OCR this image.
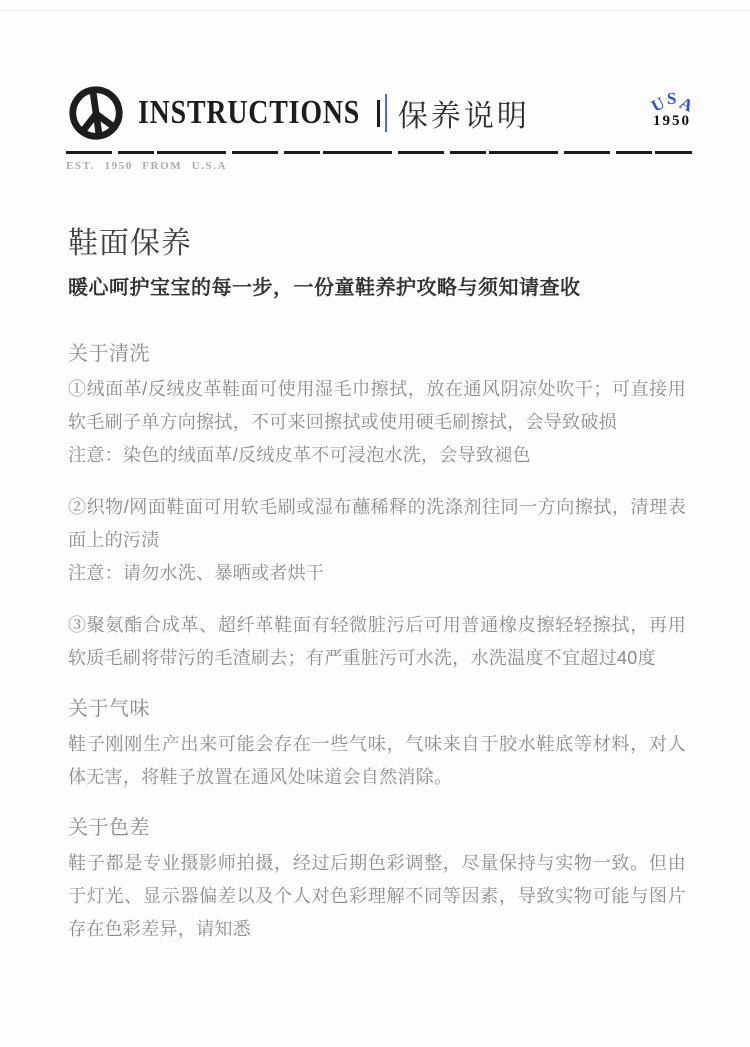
INSTRUCTIONS 保养说明	U S A
1950
EST. 1950 FROM U.S.A
鞋面保养
暖心呵护宝宝的每一步，一份童鞋养护攻略与须知请查收
关于清洗
①绒面革/反绒皮革鞋面可使用湿毛巾擦拭，放在通风阴凉处吹干；可直接用软毛刷子单方向擦拭，不可来回擦拭或使用硬毛刷擦拭，会导致破损
注意：染色的绒面革/反绒皮革不可浸泡水洗，会导致褪色
②织物/网面鞋面可用软毛刷或湿布蘸稀释的洗涤剂往同一方向擦拭，清理表面上的污渍
注意：请勿水洗、暴晒或者烘干
③聚氨酯合成革、超纤革鞋面有轻微脏污后可用普通橡皮擦轻轻擦拭，再用软质毛刷将带污的毛渣刷去；有严重脏污可水洗，水洗温度不宜超过40度
关于气味
鞋子刚刚生产出来可能会存在一些气味，气味来自于胶水鞋底等材料，对人体无害，将鞋子放置在通风处味道会自然消除。
关于色差
鞋子都是专业摄影师拍摄，经过后期色彩调整，尽量保持与实物一致。但由于灯光、显示器偏差以及个人对色彩理解不同等因素，导致实物可能与图片存在色彩差异，请知悉
